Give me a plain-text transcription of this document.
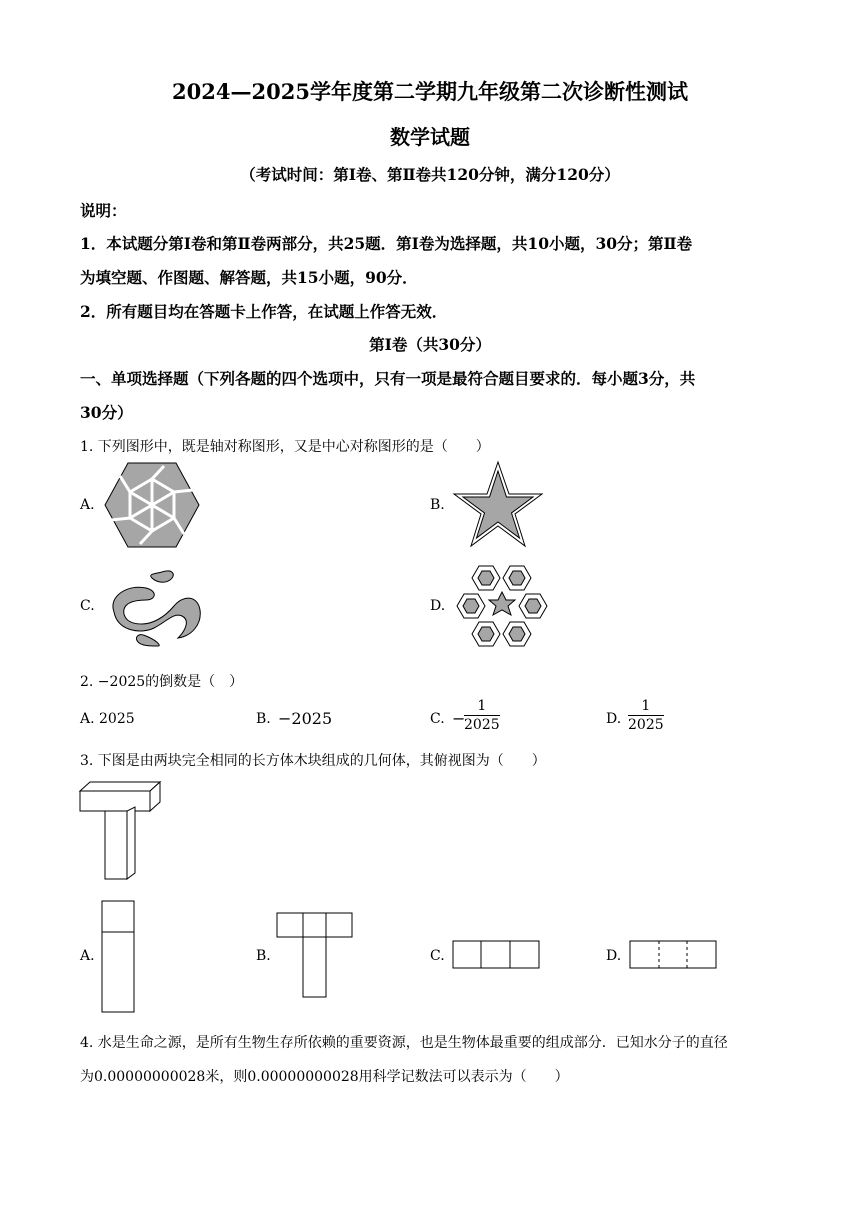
2024—2025学年度第二学期九年级第二次诊断性测试
数学试题
（考试时间：第Ⅰ卷、第Ⅱ卷共120分钟，满分120分）
说明：
1．本试题分第Ⅰ卷和第Ⅱ卷两部分，共25题．第Ⅰ卷为选择题，共10小题，30分；第Ⅱ卷
为填空题、作图题、解答题，共15小题，90分．
2．所有题目均在答题卡上作答，在试题上作答无效．
第Ⅰ卷（共30分）
一、单项选择题（下列各题的四个选项中，只有一项是最符合题目要求的．每小题3分，共
30分）
1. 下列图形中，既是轴对称图形，又是中心对称图形的是（　　）
A.	B.
C.	D.
2. −2025的倒数是（　）
A. 2025	B. −2025	C. −
$\frac{1}{2025}$	D. $\frac{1}{2025}$
3. 下图是由两块完全相同的长方体木块组成的几何体，其俯视图为（　　）
A.	B.	C.	D.
4. 水是生命之源，是所有生物生存所依赖的重要资源，也是生物体最重要的组成部分．已知水分子的直径
为0.00000000028米，则0.00000000028用科学记数法可以表示为（　　）
